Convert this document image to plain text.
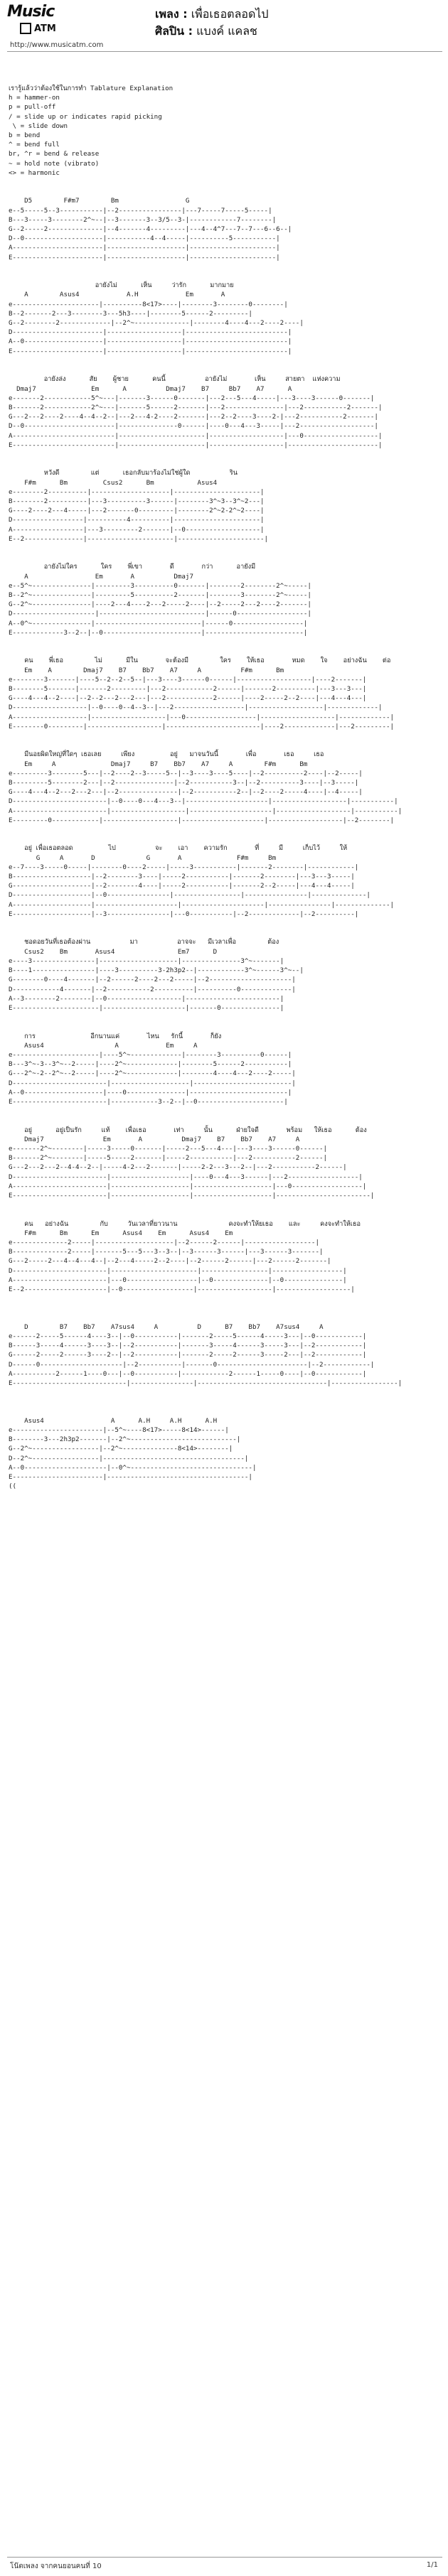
Music
ATM
เพลง : เพื่อเธอตลอดไป
ศิลปิน : แบงค์ แคลช
http://www.musicatm.com
เรารู้แล้วว่าต้องใช้ในการทำ Tablature Explanation
h = hammer-on
p = pull-off
/ = slide up or indicates rapid picking
\ = slide down
b = bend
^ = bend full
br, ^r = bend & release
~ = hold note (vibrato)
<> = harmonic

D5        F#m7        Bm                 G
e--5-----5--3-----------|--2----------------|---7-----7-----5-----|
B---3-----3--------2^~--|--3-------3--3/5--3-|------------7--------|
G--2-----2--------------|--4-------4---------|---4--4^7---7--7---6--6--|
D--0--------------------|-----------4--4-----|----------5-----------|
A-----------------------|--------------------|----------------------|
E-----------------------|--------------------|----------------------|

อายังไม่      เห็น     ว่ารัก      มากมาย
A        Asus4            A.H            Em       A
e----------------------|----------8<17>----|--------3--------0--------|
B--2-------2---3--------3---5h3----|--------5------2---------|
G--2--------2-------------|--2^~--------------|--------4----4---2----2----|
D-----------------------|-------------------|--------------------------|
A--0--------------------|-------------------|--------------------------|
E-----------------------|-------------------|--------------------------|

อายังล่ง      สัย    ผู้ชาย      คนนี้          อายังไม่       เห็น     สายตา  แห่งความ
Dmaj7              Em      A          Dmaj7    B7     Bb7    A7      A
e-------2------------5^~---|-------3------0-------|---2---5---4-----|---3----3------0-------|
B-------2------------2^~---|-------5------2-------|---2---------------|---2-----------2-------|
G---2---2----2----4--4--2--|---2---4-2----2-------|---2--2----3----2-|---2-----------2-------|
D--0-----------------------|---------------0------|----0---4---3-----|---2-------------------|
A--------------------------|----------------------|-------------------|---0-------------------|
E--------------------------|----------------------|-------------------|-----------------------|

หวังดี        แต่      เธอกลับมาร้องไม่ใช่ผู้ใด          ริน
F#m      Bm         Csus2      Bm           Asus4
e--------2----------|--------------------|----------------------|
B--------2----------|---3----------3------|--------3^~3--3^~2---|
G----2----2---4-----|---2-------0---------|--------2^~2-2^~2----|
D------------------|----------4----------|----------------------|
A------------------|---3---------2-------|--0-------------------|
E--2---------------|----------------------|----------------------|

อายังไม่ใคร      ใคร    พี่เขา       ดี       กว่า      อายังมี
A                 Em       A          Dmaj7
e--5^~---------------|---------3----------0-------|--------2--------2^~-----|
B--2^~---------------|---------5----------2-------|--------3--------2^~-----|
G--2^~---------------|----2---4----2---2-----2----|--2-----2---2----2-------|
D---------------------|---------------------------|------0------------------|
A--0^~---------------|---------------------------|------0------------------|
E-------------3--2--|--0-------------------------|-------------------------|

คน    พี่เธอ        ไม่      มีใน       จะต้องมี        ใคร    ให้เธอ       หมด    ใจ    อย่างฉัน    ต่อ
Em    A        Dmaj7    B7    Bb7    A7     A          F#m      Bm
e--------3-------|----5--2--2--5--|---3----3------0------|-------------------|----2-------|
B--------5-------|-------2---------|---2------------2------|-------2----------|---3---3---|
G----4---4--2----|--2--2---2---2---|---2------------2------|----2-----2--2----|---4---4---|
D-------------------|--0----0--4--3--|---2------------------|-------------------|-------------|
A-------------------|-------------------|---0------------------|-------------------|-------------|
E--------0---------|-------------------|------------------------|----2-------------|---2---------|

มีนอยผิดใหญ่ที่ใดๆ เธอเลย     เพียง         อยู่   มาจนวันนี้       เพื่อ       เธอ     เธอ
Em     A              Dmaj7     B7    Bb7    A7     A        F#m      Bm
e---------3--------5---|--2----2--3-----5--|--3----3----5----|--2----------2----|--2-----|
B---------5--------2---|--2---------------|--2-----------3--|--2----------3----|--3-----|
G----4---4--2---2---2---|--2---------------|--2-----------2--|--2----2-----4----|--4-----|
D------------------------|--0----0---4---3--|---------------------|-------------------|-----------|
A------------------------|-------------------|---------------------|-------------------|-----------|
E---------0------------|-------------------|---------------------|-------------------|--2--------|

อยู่ เพื่อเธอตลอด         ไป          จะ    เอา    ความรัก       ที่     มี     เก็บไว้     ให้
G     A       D             G       A              F#m     Bm
e--7----3-----0-----|--------0----2-----|-----3-----------|-------2--------|------------|
B--------------------|--2--------3----|-----2-----------|-------2--------|---3---3-----|
G--------------------|--2--------4----|-----2-----------|-------2--2-----|---4---4-----|
D--------------------|--0----------------|-----------------|----------------|--------------|
A--------------------|---------------------|---------------------|----------------|--------------|
E--------------------|--3----------------|---0-----------|--2-------------|--2----------|

ชอดอยวันที่เธอต้องผ่าน          มา          อาจจะ   มีเวลาเพื่อ        ต้อง
Csus2    Bm       Asus4                Em7      D
e----3----------------|--------------------|---------------3^~-------|
B----1----------------|----3----------3-2h3p2--|------------3^~------3^~--|
G--------0----4-------|--2------2----2---2-----|--2---------------------|
D------------4-------|--2-----------2----------|----------0-------------|
A--3--------2--------|--0-------------------|------------------------|
E----------------------|---------------------|-------0---------------|

การ              อีกนานแค่       ไหน   รักนี้       ก็ยัง
Asus4                  A            Em     A
e----------------------|----5^~-------------|--------3----------0------|
B---3^~-3--3^~--2-----|----2^~-------------|--------5------2-----------|
G---2^~-2--2^~--2-----|----2^~-------------|--------4----4---2----2-----|
D------------------------|--------------------|-------------------------|
A--0--------------------|----0---------------|-------------------------|
E------------------------|------------3--2--|--0----------------------|

อยู่      อยู่เป็นรัก     แท้    เพื่อเธอ       เท่า     นั้น      ฝ่ายใจดี       พร้อม   ให้เธอ      ต้อง
Dmaj7               Em       A          Dmaj7    B7    Bb7    A7     A
e-------2^~--------|-----3-----0-------|-----2---5---4---|---3----3------0------|
B-------2^~--------|-----5-----2-------|-----2-----------|---2-----------2------|
G---2---2---2--4-4--2--|-----4-2---2-------|-----2-2---3---2--|---2-----------2------|
D------------------------|--------------------|----0---4---3------|---2------------------|
A------------------------|--------------------|--------------------|---0------------------|
E------------------------|--------------------|--------------------|------------------------|

คน   อย่างฉัน        กับ     วันเวลาที่ยาวนาน             คงจะทำให้ยเธอ    และ     คงจะทำให้เธอ
F#m      Bm      Em      Asus4    Em      Asus4    Em
e--------------2-----|--------------------|--2------2------|------------------|
B--------------2-----|-------5---5---3--3--|--3------3------|---3------3-------|
G---2-----2---4--4---4--|--2---4-----2--2----|--2------2------|---2------2-------|
D------------------------|----------------------|-----------------|------------------|
A------------------------|---0------------------|--0--------------|--0---------------|
E--2---------------------|--0------------------|-------------------|-------------------|

D        B7    Bb7    A7sus4     A          D      B7    Bb7    A7sus4     A
e------2-----5------4----3--|--0-----------|-------2-----5------4-----3---|--0------------|
B------3-----4------3----3--|--2-----------|-------3-----4------3-----3---|--2------------|
G------2-----2------3----2--|--2-----------|-------2-----2------3-----2---|--2------------|
D------0---------------------|--2-----------|-------0-----------------------|--2------------|
A-----------2------1----0---|--0-----------|------------2------1-----0----|--0------------|
E-----------------------------|----------------|---------------------------------|-----------------|

Asus4                 A      A.H     A.H      A.H
e-----------------------|--5^~----8<17>-----8<14>------|
B--------3---2h3p2-------|--2^~---------------------------|
G--2^~-----------------|--2^~--------------8<14>--------|
D--2^~-----------------|------------------------------------|
A--0---------------------|--0^~-------------------------------|
E-----------------------|------------------------------------|
((
โน๊ตเพลง จากคนยอนคนที่ 10	1/1
